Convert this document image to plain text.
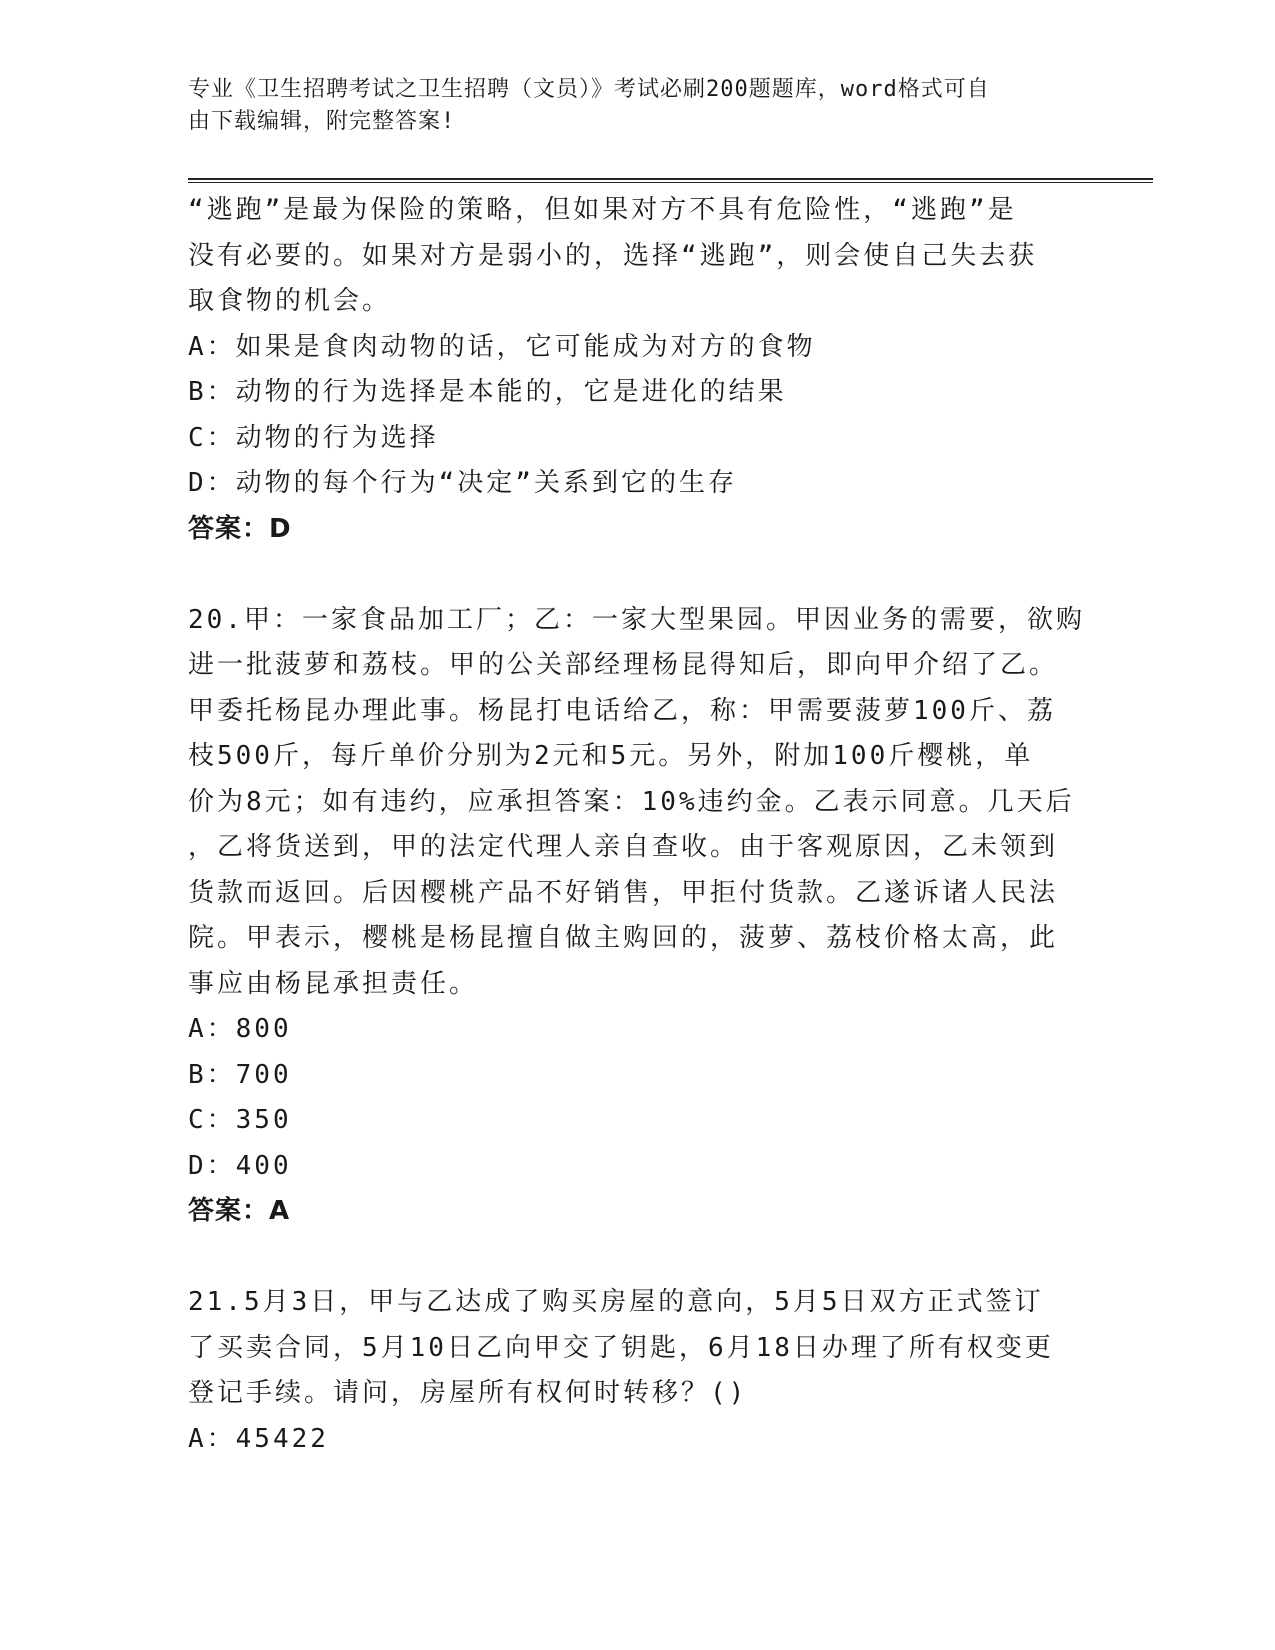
专业《卫生招聘考试之卫生招聘（文员）》考试必刷200题题库，word格式可自
由下载编辑，附完整答案!
“逃跑”是最为保险的策略，但如果对方不具有危险性，“逃跑”是
没有必要的。如果对方是弱小的，选择“逃跑”，则会使自己失去获
取食物的机会。
A：如果是食肉动物的话，它可能成为对方的食物
B：动物的行为选择是本能的，它是进化的结果
C：动物的行为选择
D：动物的每个行为“决定”关系到它的生存
答案：D
20.甲：一家食品加工厂；乙：一家大型果园。甲因业务的需要，欲购
进一批菠萝和荔枝。甲的公关部经理杨昆得知后，即向甲介绍了乙。
甲委托杨昆办理此事。杨昆打电话给乙，称：甲需要菠萝100斤、荔
枝500斤，每斤单价分别为2元和5元。另外，附加100斤樱桃，单
价为8元；如有违约，应承担答案：10%违约金。乙表示同意。几天后
，乙将货送到，甲的法定代理人亲自查收。由于客观原因，乙未领到
货款而返回。后因樱桃产品不好销售，甲拒付货款。乙遂诉诸人民法
院。甲表示，樱桃是杨昆擅自做主购回的，菠萝、荔枝价格太高，此
事应由杨昆承担责任。
A：800
B：700
C：350
D：400
答案：A
21.5月3日，甲与乙达成了购买房屋的意向，5月5日双方正式签订
了买卖合同，5月10日乙向甲交了钥匙，6月18日办理了所有权变更
登记手续。请问，房屋所有权何时转移？()
A：45422
